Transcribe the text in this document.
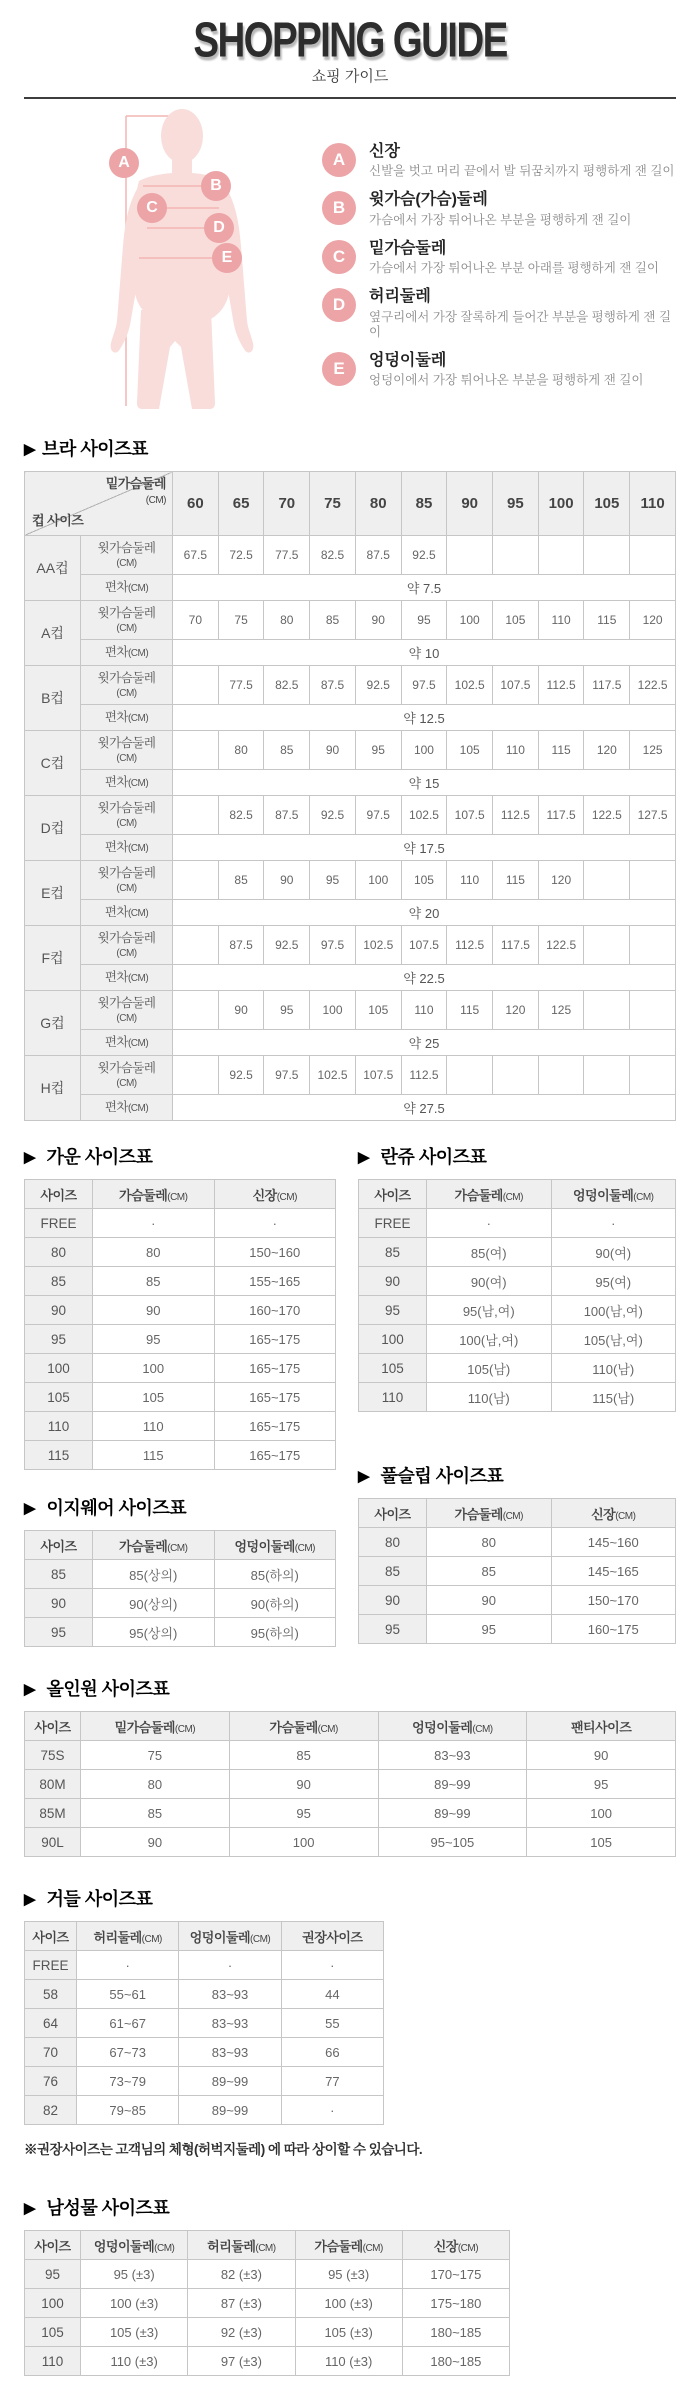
SHOPPING GUIDE
쇼핑 가이드
A
B
C
D
E
A	신장
신발을 벗고 머리 끝에서 발 뒤꿈치까지 평행하게 잰 길이
B	윗가슴(가슴)둘레
가슴에서 가장 튀어나온 부분을 평행하게 잰 길이
C	밑가슴둘레
가슴에서 가장 튀어나온 부분 아래를 평행하게 잰 길이
D	허리둘레
옆구리에서 가장 잘록하게 들어간 부분을 평행하게 잰 길이
E	엉덩이둘레
엉덩이에서 가장 튀어나온 부분을 평행하게 잰 길이
▶ 브라 사이즈표
밑가슴둘레
(CM)
컵 사이즈		60	65	70	75	80	85	90	95	100	105	110
AA컵	윗가슴둘레
(CM)	67.5	72.5	77.5	82.5	87.5	92.5					
	편차(CM)	약 7.5										
A컵	윗가슴둘레
(CM)	70	75	80	85	90	95	100	105	110	115	120
	편차(CM)	약 10										
B컵	윗가슴둘레
(CM)		77.5	82.5	87.5	92.5	97.5	102.5	107.5	112.5	117.5	122.5
	편차(CM)	약 12.5										
C컵	윗가슴둘레
(CM)		80	85	90	95	100	105	110	115	120	125
	편차(CM)	약 15										
D컵	윗가슴둘레
(CM)		82.5	87.5	92.5	97.5	102.5	107.5	112.5	117.5	122.5	127.5
	편차(CM)	약 17.5										
E컵	윗가슴둘레
(CM)		85	90	95	100	105	110	115	120		
	편차(CM)	약 20										
F컵	윗가슴둘레
(CM)		87.5	92.5	97.5	102.5	107.5	112.5	117.5	122.5		
	편차(CM)	약 22.5										
G컵	윗가슴둘레
(CM)		90	95	100	105	110	115	120	125		
	편차(CM)	약 25										
H컵	윗가슴둘레
(CM)		92.5	97.5	102.5	107.5	112.5					
	편차(CM)	약 27.5										
▶ 가운 사이즈표
사이즈	가슴둘레(CM)	신장(CM)
FREE	·	·
80	80	150~160
85	85	155~165
90	90	160~170
95	95	165~175
100	100	165~175
105	105	165~175
110	110	165~175
115	115	165~175
▶ 이지웨어 사이즈표
사이즈	가슴둘레(CM)	엉덩이둘레(CM)
85	85(상의)	85(하의)
90	90(상의)	90(하의)
95	95(상의)	95(하의)
▶ 란쥬 사이즈표
사이즈	가슴둘레(CM)	엉덩이둘레(CM)
FREE	·	·
85	85(여)	90(여)
90	90(여)	95(여)
95	95(남,여)	100(남,여)
100	100(남,여)	105(남,여)
105	105(남)	110(남)
110	110(남)	115(남)
▶ 풀슬립 사이즈표
사이즈	가슴둘레(CM)	신장(CM)
80	80	145~160
85	85	145~165
90	90	150~170
95	95	160~175
▶ 올인원 사이즈표
사이즈	밑가슴둘레(CM)	가슴둘레(CM)	엉덩이둘레(CM)	팬티사이즈
75S	75	85	83~93	90
80M	80	90	89~99	95
85M	85	95	89~99	100
90L	90	100	95~105	105
▶ 거들 사이즈표
사이즈	허리둘레(CM)	엉덩이둘레(CM)	권장사이즈
FREE	·	·	·
58	55~61	83~93	44
64	61~67	83~93	55
70	67~73	83~93	66
76	73~79	89~99	77
82	79~85	89~99	·
※권장사이즈는 고객님의 체형(허벅지둘레) 에 따라 상이할 수 있습니다.
▶ 남성물 사이즈표
사이즈	엉덩이둘레(CM)	허리둘레(CM)	가슴둘레(CM)	신장(CM)
95	95 (±3)	82 (±3)	95 (±3)	170~175
100	100 (±3)	87 (±3)	100 (±3)	175~180
105	105 (±3)	92 (±3)	105 (±3)	180~185
110	110 (±3)	97 (±3)	110 (±3)	180~185
